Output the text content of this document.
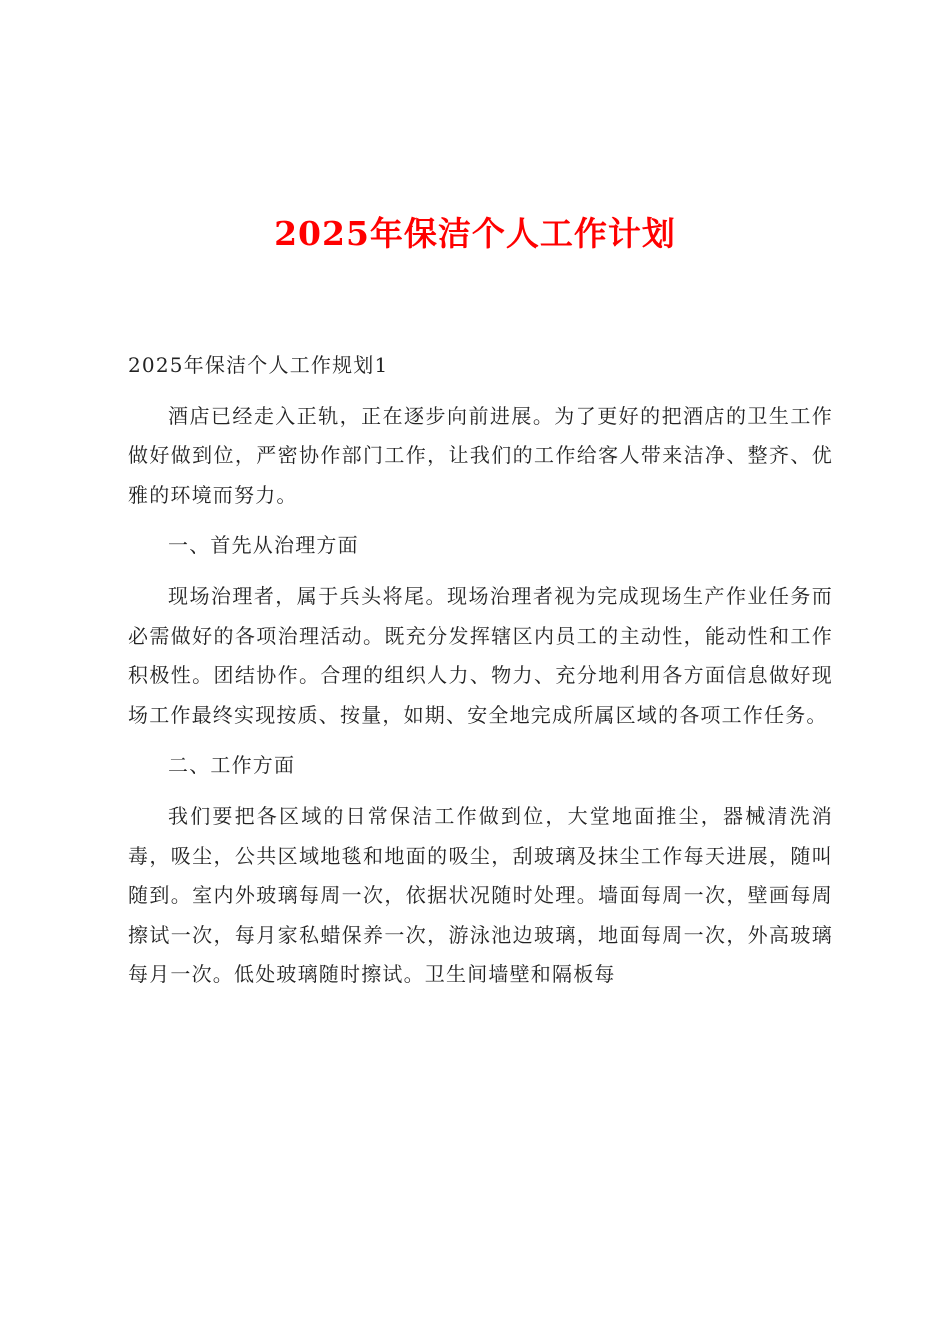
2025年保洁个人工作计划

2025年保洁个人工作规划1

酒店已经走入正轨，正在逐步向前进展。为了更好的把酒店的卫生工作做好做到位，严密协作部门工作，让我们的工作给客人带来洁净、整齐、优雅的环境而努力。

一、首先从治理方面

现场治理者，属于兵头将尾。现场治理者视为完成现场生产作业任务而必需做好的各项治理活动。既充分发挥辖区内员工的主动性，能动性和工作积极性。团结协作。合理的组织人力、物力、充分地利用各方面信息做好现场工作最终实现按质、按量，如期、安全地完成所属区域的各项工作任务。

二、工作方面

我们要把各区域的日常保洁工作做到位，大堂地面推尘，器械清洗消毒，吸尘，公共区域地毯和地面的吸尘，刮玻璃及抹尘工作每天进展，随叫随到。室内外玻璃每周一次，依据状况随时处理。墙面每周一次，壁画每周擦试一次，每月家私蜡保养一次，游泳池边玻璃，地面每周一次，外高玻璃每月一次。低处玻璃随时擦试。卫生间墙壁和隔板每
